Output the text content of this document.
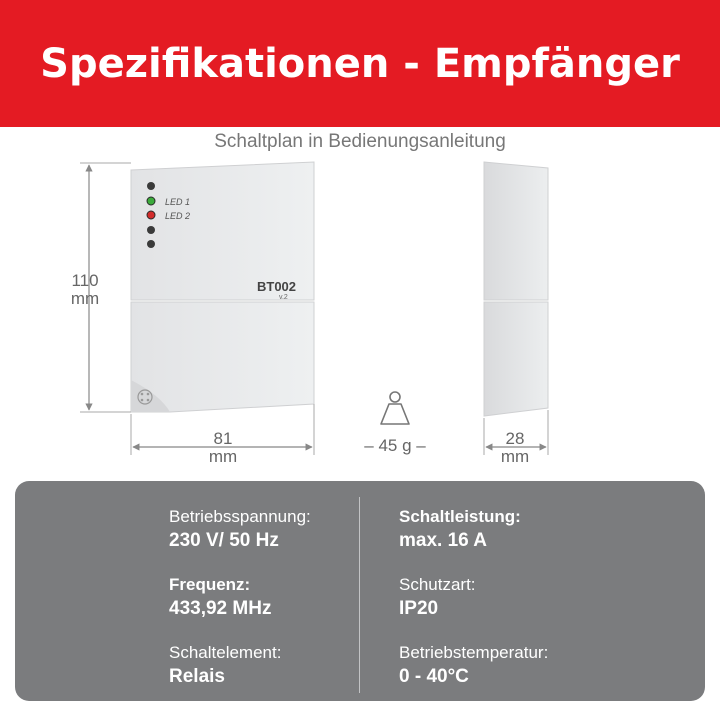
Spezifikationen - Empfänger
Schaltplan in Bedienungsanleitung
LED 1
LED 2
BT002
v.2
110
mm
81
mm
28
mm
– 45 g –
Betriebsspannung:
230 V/ 50 Hz
Frequenz:
433,92 MHz
Schaltelement:
Relais
Schaltleistung:
max. 16 A
Schutzart:
IP20
Betriebstemperatur:
0 - 40°C
